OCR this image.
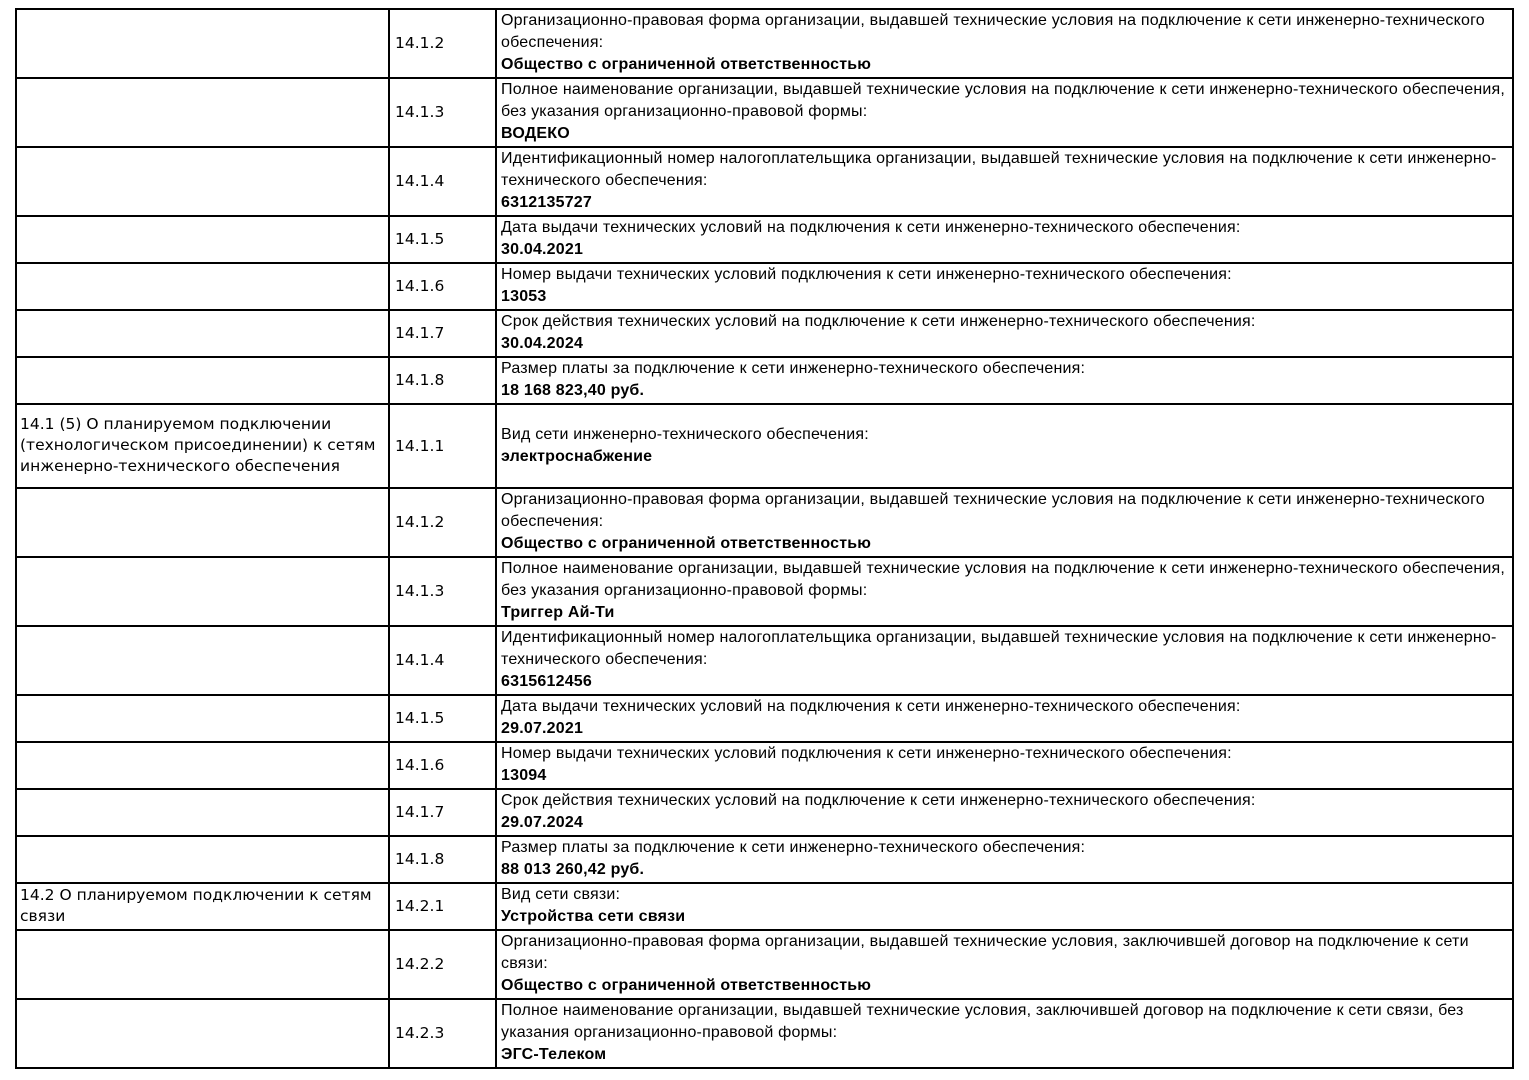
	14.1.2	Организационно-правовая форма организации, выдавшей технические условия на подключение к сети инженерно-технического обеспечения:
Общество с ограниченной ответственностью

	14.1.3	Полное наименование организации, выдавшей технические условия на подключение к сети инженерно-технического обеспечения, без указания организационно-правовой формы:
ВОДЕКО

	14.1.4	Идентификационный номер налогоплательщика организации, выдавшей технические условия на подключение к сети инженерно-технического обеспечения:
6312135727

	14.1.5	Дата выдачи технических условий на подключения к сети инженерно-технического обеспечения:
30.04.2021

	14.1.6	Номер выдачи технических условий подключения к сети инженерно-технического обеспечения:
13053

	14.1.7	Срок действия технических условий на подключение к сети инженерно-технического обеспечения:
30.04.2024

	14.1.8	Размер платы за подключение к сети инженерно-технического обеспечения:
18 168 823,40 руб.

14.1 (5) О планируемом подключении (технологическом присоединении) к сетям инженерно-технического обеспечения	14.1.1	Вид сети инженерно-технического обеспечения:
электроснабжение

	14.1.2	Организационно-правовая форма организации, выдавшей технические условия на подключение к сети инженерно-технического обеспечения:
Общество с ограниченной ответственностью

	14.1.3	Полное наименование организации, выдавшей технические условия на подключение к сети инженерно-технического обеспечения, без указания организационно-правовой формы:
Триггер Ай-Ти

	14.1.4	Идентификационный номер налогоплательщика организации, выдавшей технические условия на подключение к сети инженерно-технического обеспечения:
6315612456

	14.1.5	Дата выдачи технических условий на подключения к сети инженерно-технического обеспечения:
29.07.2021

	14.1.6	Номер выдачи технических условий подключения к сети инженерно-технического обеспечения:
13094

	14.1.7	Срок действия технических условий на подключение к сети инженерно-технического обеспечения:
29.07.2024

	14.1.8	Размер платы за подключение к сети инженерно-технического обеспечения:
88 013 260,42 руб.

14.2 О планируемом подключении к сетям связи	14.2.1	Вид сети связи:
Устройства сети связи

	14.2.2	Организационно-правовая форма организации, выдавшей технические условия, заключившей договор на подключение к сети связи:
Общество с ограниченной ответственностью

	14.2.3	Полное наименование организации, выдавшей технические условия, заключившей договор на подключение к сети связи, без указания организационно-правовой формы:
ЭГС-Телеком
